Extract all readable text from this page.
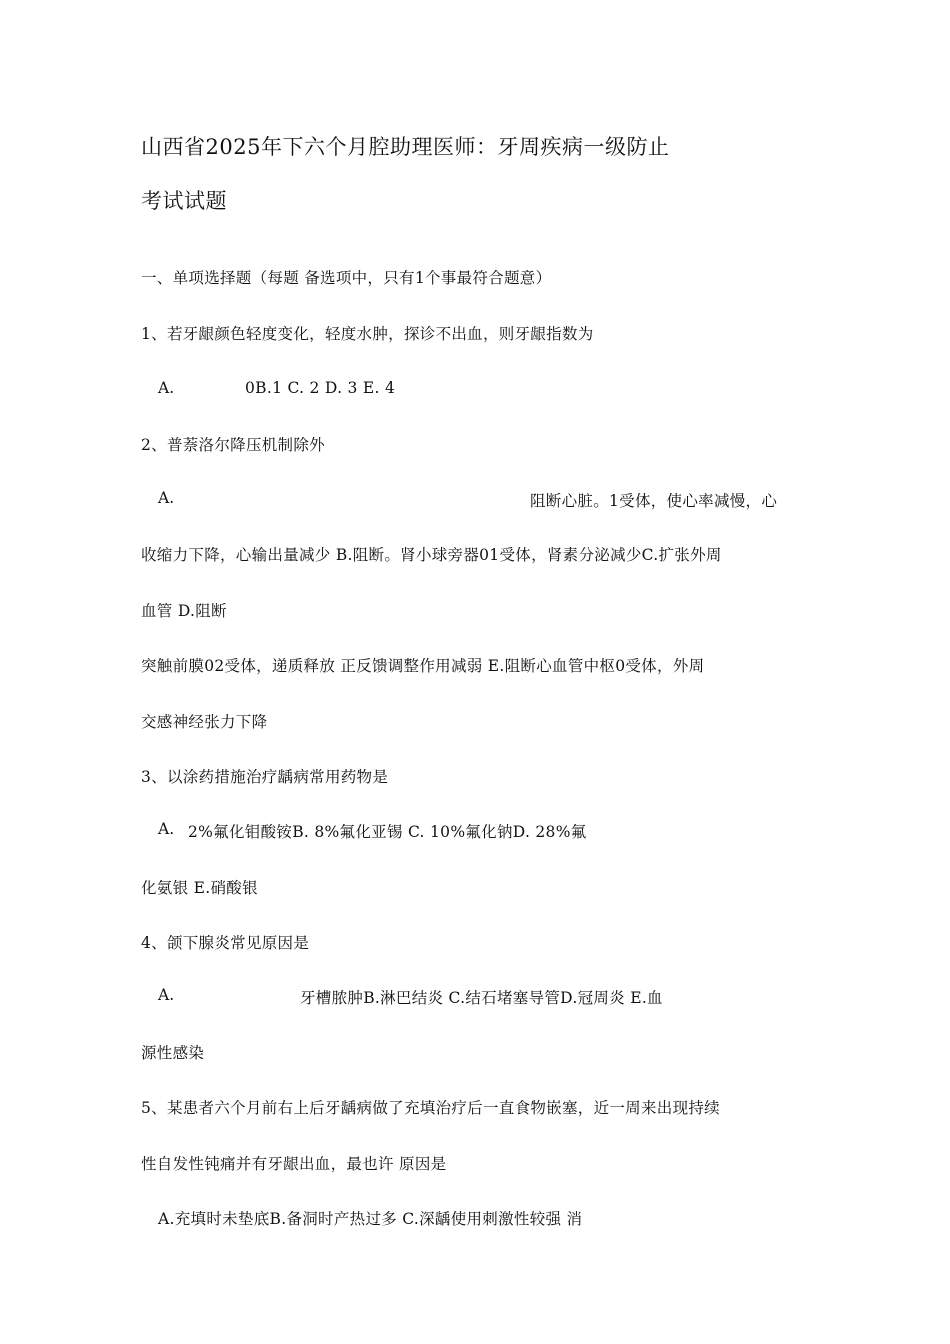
山西省2025年下六个月腔助理医师：牙周疾病一级防止
考试试题
一、单项选择题（每题 备选项中，只有1个事最符合题意）
1、若牙龈颜色轻度变化，轻度水肿，探诊不出血，则牙龈指数为
A.	0B.1 C. 2 D. 3 E. 4
2、普萘洛尔降压机制除外
A.	阻断心脏。1受体，使心率减慢，心
收缩力下降，心输出量减少 B.阻断。肾小球旁器01受体，肾素分泌减少C.扩张外周
血管 D.阻断
突触前膜02受体，递质释放 正反馈调整作用减弱 E.阻断心血管中枢0受体，外周
交感神经张力下降
3、以涂药措施治疗龋病常用药物是
A. 2%氟化钼酸铵B. 8%氟化亚锡 C. 10%氟化钠D. 28%氟
化氨银 E.硝酸银
4、颌下腺炎常见原因是
A.	牙槽脓肿B.淋巴结炎 C.结石堵塞导管D.冠周炎 E.血
源性感染
5、某患者六个月前右上后牙龋病做了充填治疗后一直食物嵌塞，近一周来出现持续
性自发性钝痛并有牙龈出血，最也许 原因是
A.充填时未垫底B.备洞时产热过多 C.深龋使用刺激性较强 消
